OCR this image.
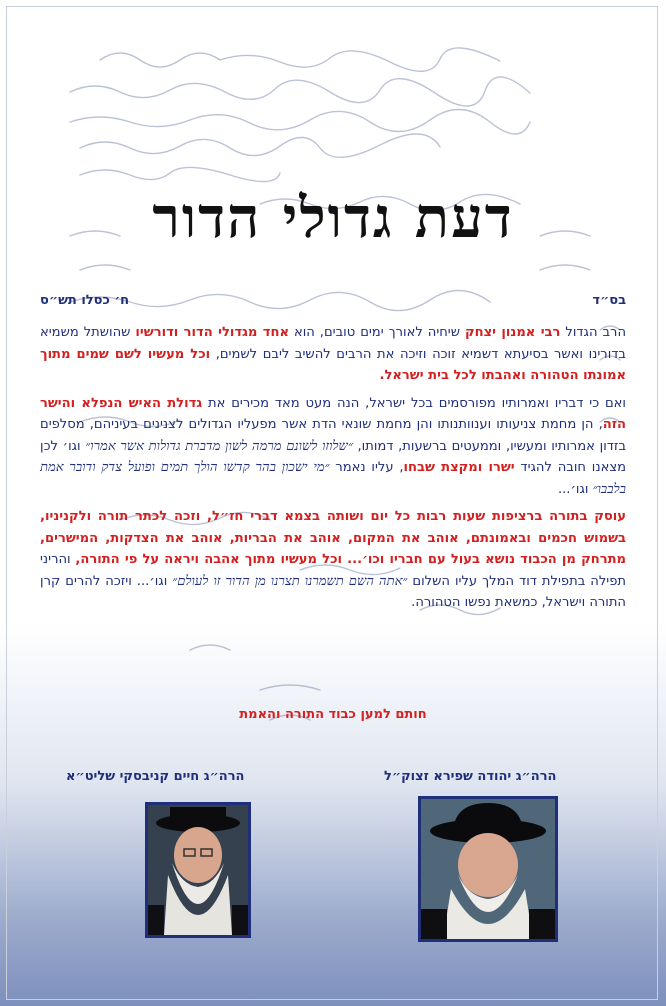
דעת גדולי הדור
בס״ד
ח׳ כסלו תש״ס

הרב הגדול רבי אמנון יצחק שיחיה לאורך ימים טובים, הוא אחד מגדולי הדור ודורשיו שהושתל משמיא בדורינו ואשר בסיעתא דשמיא זוכה וזיכה את הרבים להשיב ליבם לשמים, וכל מעשיו לשם שמים מתוך אמונתו הטהורה ואהבתו לכל בית ישראל.

ואם כי דבריו ואמרותיו מפורסמים בכל ישראל, הנה מעט מאד מכירים את גדולת האיש הנפלא והישר הזה, הן מחמת צניעותו וענוותנותו והן מחמת שונאי הדת אשר מפעליו הגדולים לצנינים בעיניהם, מסלפים בזדון אמרותיו ומעשיו, וממעטים ברשעות, דמותו, ״שלוזו לשונם מרמה לשון מדברת גדולות אשר אמרו״ וגו׳ לכן מצאנו חובה להגיד ישרו ומקצת שבחו, עליו נאמר ״מי ישכון בהר קדשו הולך תמים ופועל צדק ודובר אמת בלבבו״ וגו׳...

עוסק בתורה ברציפות שעות רבות כל יום ושותה בצמא דברי חז״ל, וזכה לכתר תורה ולקניניו, בשמוש חכמים ובאמונתם, אוהב את המקום, אוהב את הבריות, אוהב את הצדקות, המישרים, מתרחק מן הכבוד נושא בעול עם חבריו וכו׳... וכל מעשיו מתוך אהבה ויראה על פי התורה, והריני תפילה בתפילת דוד המלך עליו השלום ״אתה השם תשמרנו תצרנו מן הדור זו לעולם״ וגו׳... ויזכה להרים קרן התורה וישראל, כמשאת נפשו הטהורה.

חותם למען כבוד התורה והאמת
הרה״ג חיים קניבסקי שליט״א	הרה״ג יהודה שפירא זצוק״ל
